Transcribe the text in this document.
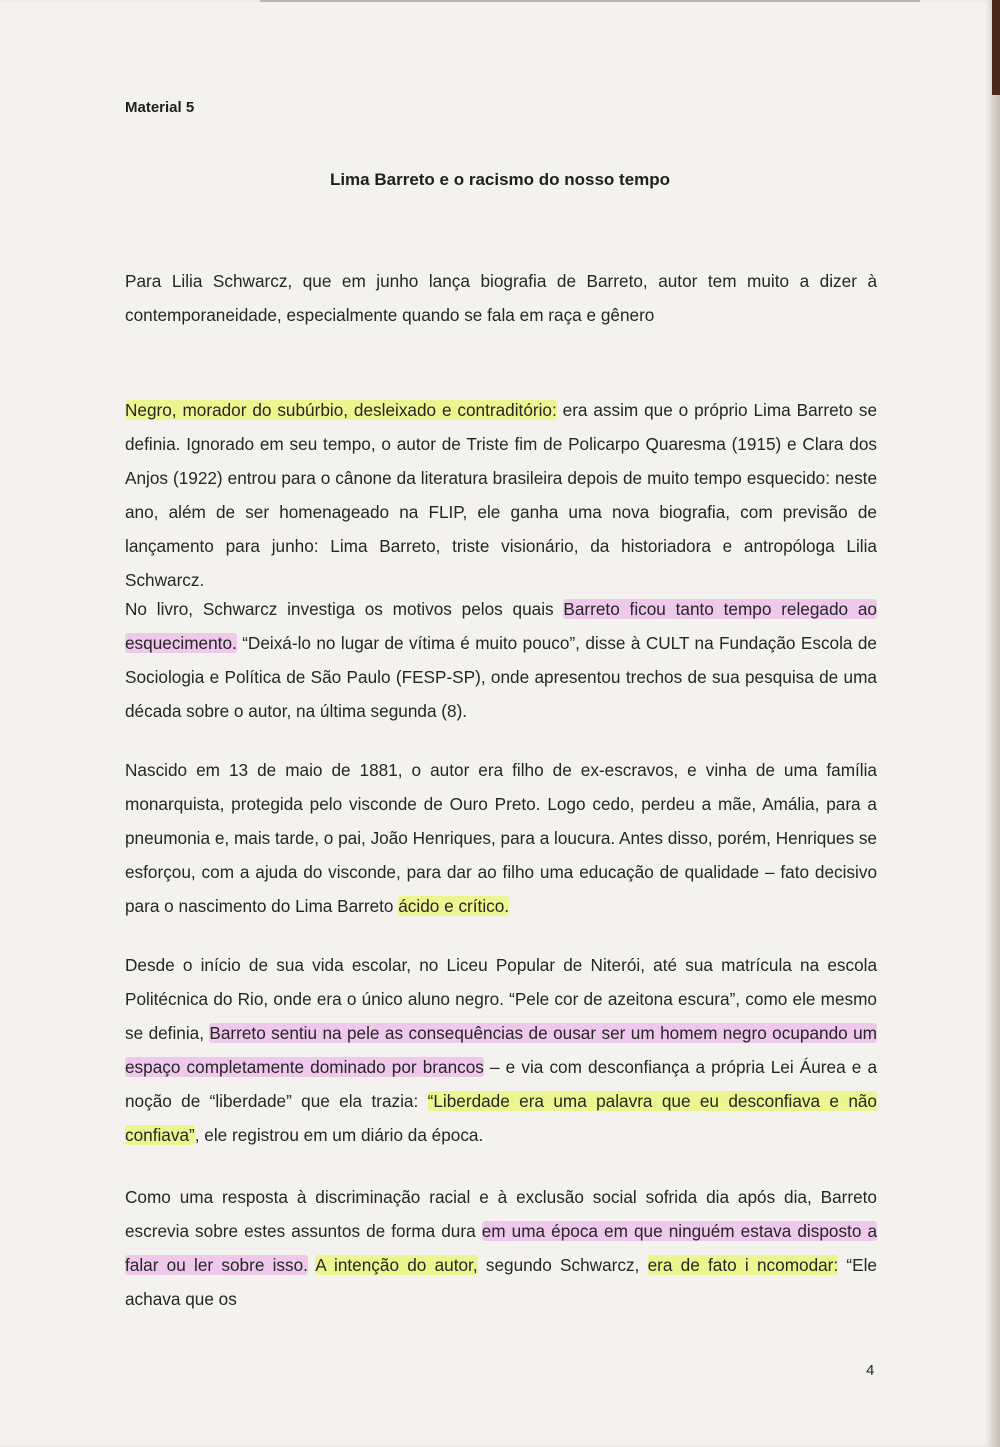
Material 5
Lima Barreto e o racismo do nosso tempo

Para Lilia Schwarcz, que em junho lança biografia de Barreto, autor tem muito a dizer à contemporaneidade, especialmente quando se fala em raça e gênero

Negro, morador do subúrbio, desleixado e contraditório: era assim que o próprio Lima Barreto se definia. Ignorado em seu tempo, o autor de Triste fim de Policarpo Quaresma (1915) e Clara dos Anjos (1922) entrou para o cânone da literatura brasileira depois de muito tempo esquecido: neste ano, além de ser homenageado na FLIP, ele ganha uma nova biografia, com previsão de lançamento para junho: Lima Barreto, triste visionário, da historiadora e antropóloga Lilia Schwarcz.

No livro, Schwarcz investiga os motivos pelos quais Barreto ficou tanto tempo relegado ao esquecimento. “Deixá-lo no lugar de vítima é muito pouco”, disse à CULT na Fundação Escola de Sociologia e Política de São Paulo (FESP-SP), onde apresentou trechos de sua pesquisa de uma década sobre o autor, na última segunda (8).

Nascido em 13 de maio de 1881, o autor era filho de ex-escravos, e vinha de uma família monarquista, protegida pelo visconde de Ouro Preto. Logo cedo, perdeu a mãe, Amália, para a pneumonia e, mais tarde, o pai, João Henriques, para a loucura. Antes disso, porém, Henriques se esforçou, com a ajuda do visconde, para dar ao filho uma educação de qualidade – fato decisivo para o nascimento do Lima Barreto ácido e crítico.

Desde o início de sua vida escolar, no Liceu Popular de Niterói, até sua matrícula na escola Politécnica do Rio, onde era o único aluno negro. “Pele cor de azeitona escura”, como ele mesmo se definia, Barreto sentiu na pele as consequências de ousar ser um homem negro ocupando um espaço completamente dominado por brancos – e via com desconfiança a própria Lei Áurea e a noção de “liberdade” que ela trazia: “Liberdade era uma palavra que eu desconfiava e não confiava”, ele registrou em um diário da época.

Como uma resposta à discriminação racial e à exclusão social sofrida dia após dia, Barreto escrevia sobre estes assuntos de forma dura em uma época em que ninguém estava disposto a falar ou ler sobre isso. A intenção do autor, segundo Schwarcz, era de fato i ncomodar: “Ele achava que os

4
